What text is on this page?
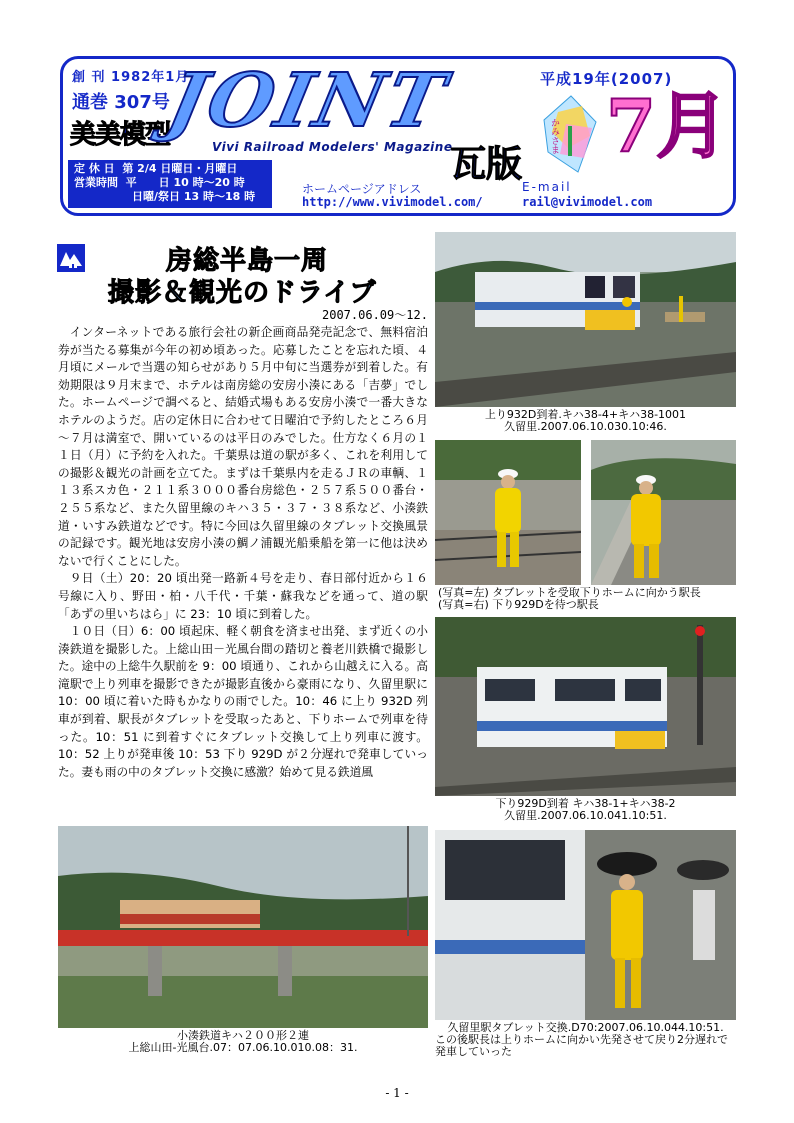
創 刊 1982年1月
通巻 307号
美美模型
JOINT
Vivi Railroad Modelers' Magazine
瓦版
平成19年(2007)
かみさま 7月
定 休 日 第 2/4 日曜日・月曜日
営業時間 平　　日 10 時～20 時
日曜/祭日 13 時～18 時
ホームページアドレス
http://www.vivimodel.com/
E-mail
rail@vivimodel.com
房総半島一周
撮影＆観光のドライブ
2007.06.09～12.

インターネットである旅行会社の新企画商品発売記念で、無料宿泊券が当たる募集が今年の初め頃あった。応募したことを忘れた頃、４月頃にメールで当選の知らせがあり５月中旬に当選券が到着した。有効期限は９月末まで、ホテルは南房総の安房小湊にある「吉夢」でした。ホームページで調べると、結婚式場もある安房小湊で一番大きなホテルのようだ。店の定休日に合わせて日曜泊で予約したところ６月～７月は満室で、開いているのは平日のみでした。仕方なく６月の１１日（月）に予約を入れた。千葉県は道の駅が多く、これを利用しての撮影＆観光の計画を立てた。まずは千葉県内を走るＪＲの車輌、１１３系スカ色・２１１系３０００番台房総色・２５７系５００番台・２５５系など、また久留里線のキハ３５・３７・３８系など、小湊鉄道・いすみ鉄道などです。特に今回は久留里線のタブレット交換風景の記録です。観光地は安房小湊の鯛ノ浦観光船乗船を第一に他は決めないで行くことにした。

９日（土）20：20 頃出発一路新４号を走り、春日部付近から１６号線に入り、野田・柏・八千代・千葉・蘇我などを通って、道の駅「あずの里いちはら」に 23：10 頃に到着した。

１０日（日）6：00 頃起床、軽く朝食を済ませ出発、まず近くの小湊鉄道を撮影した。上総山田－光風台間の踏切と養老川鉄橋で撮影した。途中の上総牛久駅前を 9：00 頃通り、これから山越えに入る。高滝駅で上り列車を撮影できたが撮影直後から豪雨になり、久留里駅に 10：00 頃に着いた時もかなりの雨でした。10：46 に上り 932D 列車が到着、駅長がタブレットを受取ったあと、下りホームで列車を待った。10：51 に到着すぐにタブレット交換して上り列車に渡す。10：52 上りが発車後 10：53 下り 929D が２分遅れで発車していった。妻も雨の中のタブレット交換に感激？始めて見る鉄道風

上り932D到着.キハ38-4+キハ38-1001
久留里.2007.06.10.030.10:46.
(写真=左) タブレットを受取下りホームに向かう駅長
(写真=右) 下り929Dを待つ駅長
下り929D到着 キハ38-1+キハ38-2
久留里.2007.06.10.041.10:51.
小湊鉄道キハ２００形２連
上総山田-光風台.07：07.06.10.010.08：31.
久留里駅タブレット交換.D70:2007.06.10.044.10:51.
この後駅長は上りホームに向かい先発させて戻り2分遅れで
発車していった
- 1 -
